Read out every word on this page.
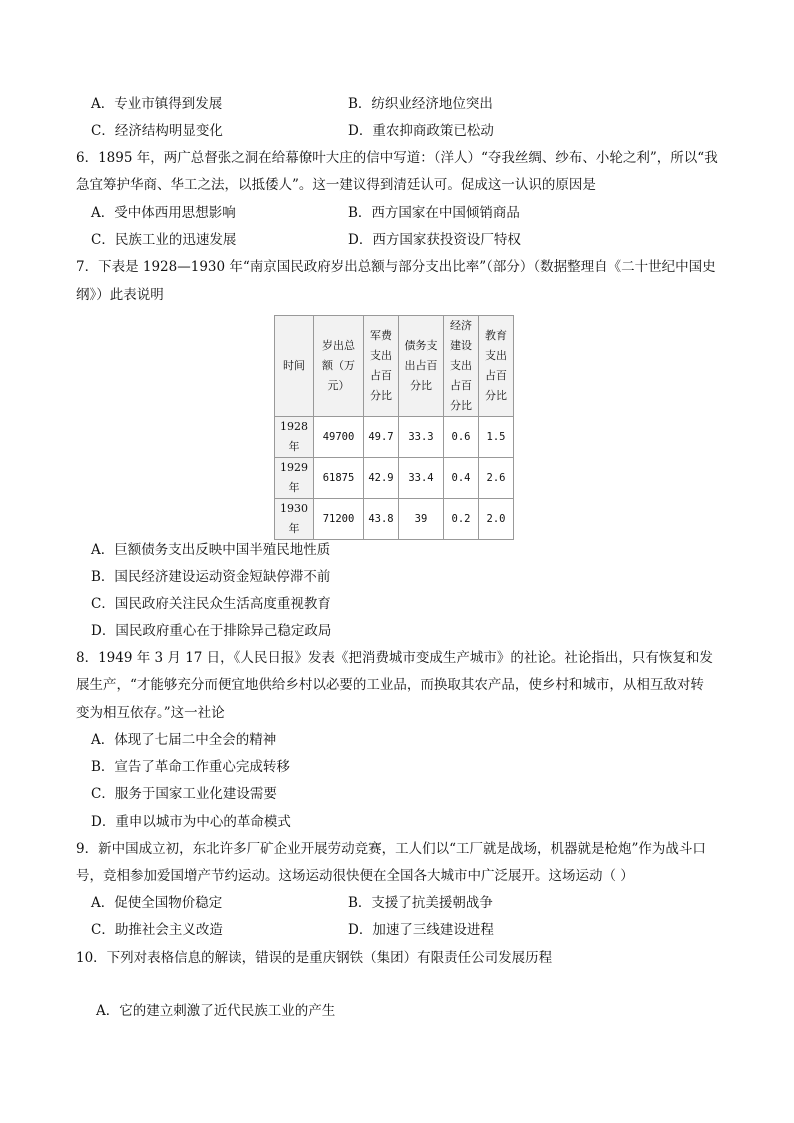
A．专业市镇得到发展	B．纺织业经济地位突出
C．经济结构明显变化	D．重农抑商政策已松动
6．1895 年，两广总督张之洞在给幕僚叶大庄的信中写道：（洋人）“夺我丝绸、纱布、小轮之利”，所以“我
急宜筹护华商、华工之法，以抵倭人”。这一建议得到清廷认可。促成这一认识的原因是
A．受中体西用思想影响	B．西方国家在中国倾销商品
C．民族工业的迅速发展	D．西方国家获投资设厂特权
7．下表是 1928—1930 年“南京国民政府岁出总额与部分支出比率”（部分）（数据整理自《二十世纪中国史
纲》）此表说明
时间	岁出总
额（万
元）	军费
支出
占百
分比	债务支
出占百
分比	经济
建设
支出
占百
分比	教育
支出
占百
分比
1928
年	49700	49.7	33.3	0.6	1.5
1929
年	61875	42.9	33.4	0.4	2.6
1930
年	71200	43.8	39	0.2	2.0
A．巨额债务支出反映中国半殖民地性质
B．国民经济建设运动资金短缺停滞不前
C．国民政府关注民众生活高度重视教育
D．国民政府重心在于排除异己稳定政局
8．1949 年 3 月 17 日，《人民日报》发表《把消费城市变成生产城市》的社论。社论指出，只有恢复和发
展生产，“才能够充分而便宜地供给乡村以必要的工业品，而换取其农产品，使乡村和城市，从相互敌对转
变为相互依存。”这一社论
A．体现了七届二中全会的精神
B．宣告了革命工作重心完成转移
C．服务于国家工业化建设需要
D．重申以城市为中心的革命模式
9．新中国成立初，东北许多厂矿企业开展劳动竞赛，工人们以“工厂就是战场，机器就是枪炮”作为战斗口
号，竞相参加爱国增产节约运动。这场运动很快便在全国各大城市中广泛展开。这场运动（ ）
A．促使全国物价稳定	B．支援了抗美援朝战争
C．助推社会主义改造	D．加速了三线建设进程
10．下列对表格信息的解读，错误的是重庆钢铁（集团）有限责任公司发展历程
A．它的建立刺激了近代民族工业的产生
